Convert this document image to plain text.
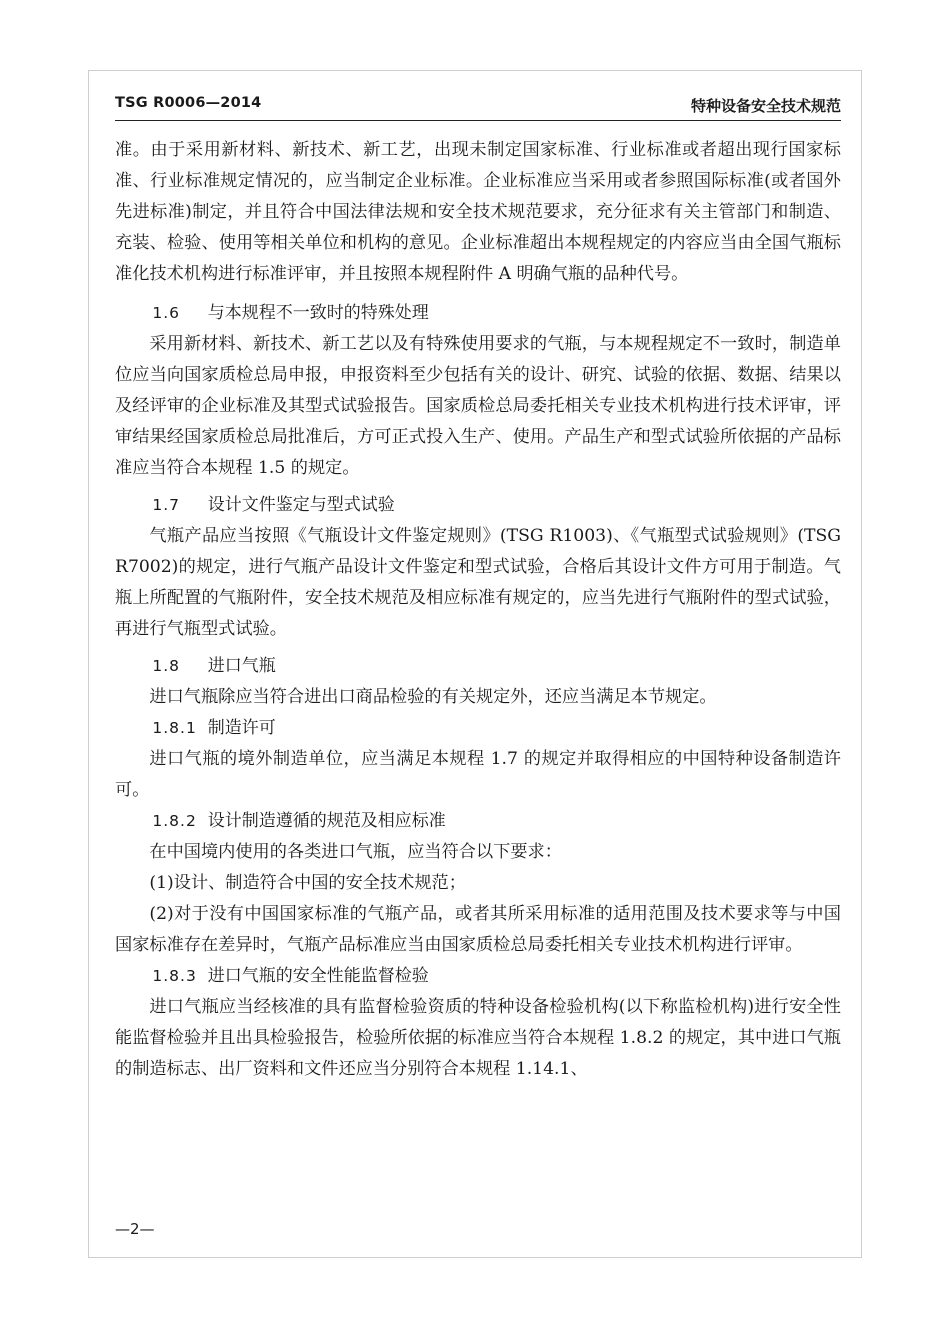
TSG R0006—2014	特种设备安全技术规范

准。由于采用新材料、新技术、新工艺，出现未制定国家标准、行业标准或者超出现行国家标准、行业标准规定情况的，应当制定企业标准。企业标准应当采用或者参照国际标准(或者国外先进标准)制定，并且符合中国法律法规和安全技术规范要求，充分征求有关主管部门和制造、充装、检验、使用等相关单位和机构的意见。企业标准超出本规程规定的内容应当由全国气瓶标准化技术机构进行标准评审，并且按照本规程附件 A 明确气瓶的品种代号。

1.6 与本规程不一致时的特殊处理

采用新材料、新技术、新工艺以及有特殊使用要求的气瓶，与本规程规定不一致时，制造单位应当向国家质检总局申报，申报资料至少包括有关的设计、研究、试验的依据、数据、结果以及经评审的企业标准及其型式试验报告。国家质检总局委托相关专业技术机构进行技术评审，评审结果经国家质检总局批准后，方可正式投入生产、使用。产品生产和型式试验所依据的产品标准应当符合本规程 1.5 的规定。

1.7 设计文件鉴定与型式试验

气瓶产品应当按照《气瓶设计文件鉴定规则》(TSG R1003)、《气瓶型式试验规则》(TSG R7002)的规定，进行气瓶产品设计文件鉴定和型式试验，合格后其设计文件方可用于制造。气瓶上所配置的气瓶附件，安全技术规范及相应标准有规定的，应当先进行气瓶附件的型式试验，再进行气瓶型式试验。

1.8 进口气瓶

进口气瓶除应当符合进出口商品检验的有关规定外，还应当满足本节规定。

1.8.1 制造许可

进口气瓶的境外制造单位，应当满足本规程 1.7 的规定并取得相应的中国特种设备制造许可。

1.8.2 设计制造遵循的规范及相应标准

在中国境内使用的各类进口气瓶，应当符合以下要求：

(1)设计、制造符合中国的安全技术规范；

(2)对于没有中国国家标准的气瓶产品，或者其所采用标准的适用范围及技术要求等与中国国家标准存在差异时，气瓶产品标准应当由国家质检总局委托相关专业技术机构进行评审。

1.8.3 进口气瓶的安全性能监督检验

进口气瓶应当经核准的具有监督检验资质的特种设备检验机构(以下称监检机构)进行安全性能监督检验并且出具检验报告，检验所依据的标准应当符合本规程 1.8.2 的规定，其中进口气瓶的制造标志、出厂资料和文件还应当分别符合本规程 1.14.1、

—2—
